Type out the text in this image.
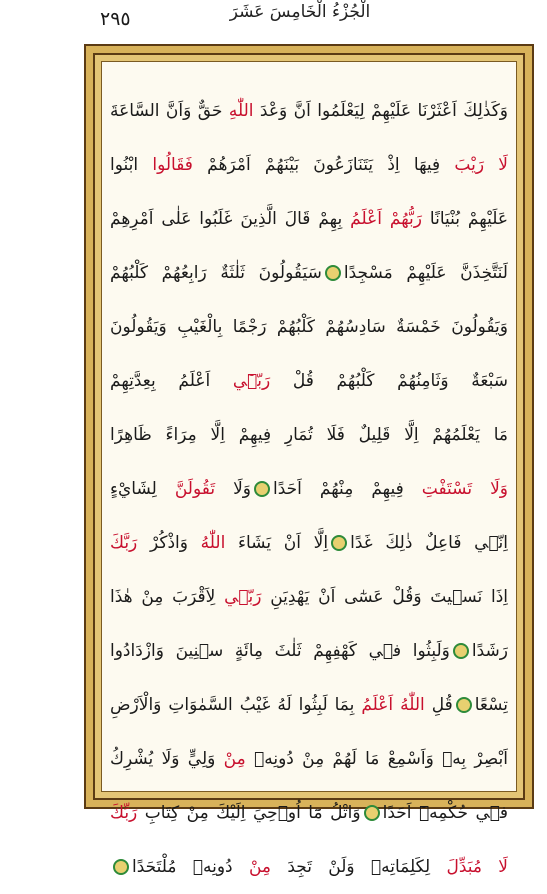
٢٩٥	الْجُزْءُ الْخَامِسَ عَشَرَ
وَكَذٰلِكَ اَعْثَرْنَا عَلَيْهِمْ لِيَعْلَمُوا اَنَّ وَعْدَ اللّٰهِ حَقٌّ وَاَنَّ السَّاعَةَ
لَا رَيْبَ فِيهَا اِذْ يَتَنَازَعُونَ بَيْنَهُمْ اَمْرَهُمْ فَقَالُوا ابْنُوا
عَلَيْهِمْ بُنْيَانًا رَبُّهُمْ اَعْلَمُ بِهِمْ قَالَ الَّذِينَ غَلَبُوا عَلٰى اَمْرِهِمْ
لَنَتَّخِذَنَّ عَلَيْهِمْ مَسْجِدًاسَيَقُولُونَ ثَلٰثَةٌ رَابِعُهُمْ كَلْبُهُمْ
وَيَقُولُونَ خَمْسَةٌ سَادِسُهُمْ كَلْبُهُمْ رَجْمًا بِالْغَيْبِ وَيَقُولُونَ
سَبْعَةٌ وَثَامِنُهُمْ كَلْبُهُمْ قُلْ رَبّٖٓي اَعْلَمُ بِعِدَّتِهِمْ
مَا يَعْلَمُهُمْ اِلَّا قَلِيلٌ فَلَا تُمَارِ فِيهِمْ اِلَّا مِرَاءً ظَاهِرًا
وَلَا تَسْتَفْتِ فِيهِمْ مِنْهُمْ اَحَدًاوَلَا تَقُولَنَّ لِشَايْءٍ
اِنّ۪ي فَاعِلٌ ذٰلِكَ غَدًااِلَّا اَنْ يَشَاءَ اللّٰهُ وَاذْكُرْ رَبَّكَ
اِذَا نَس۪يتَ وَقُلْ عَسٰٓى اَنْ يَهْدِيَنِ رَبّ۪ي لِاَقْرَبَ مِنْ هٰذَا
رَشَدًاوَلَبِثُوا ف۪ي كَهْفِهِمْ ثَلٰثَ مِائَةٍ س۪نِينَ وَازْدَادُوا
تِسْعًاقُلِ اللّٰهُ اَعْلَمُ بِمَا لَبِثُوا لَهُ غَيْبُ السَّمٰوَاتِ وَالْاَرْضِ
اَبْصِرْ بِه۪ وَاَسْمِعْ مَا لَهُمْ مِنْ دُونِه۪ مِنْ وَلِيٍّ وَلَا يُشْرِكُ
ف۪ي حُكْمِه۪ٓ اَحَدًاوَاتْلُ مَٓا اُو۫حِيَ اِلَيْكَ مِنْ كِتَابِ رَبِّكَ
لَا مُبَدِّلَ لِكَلِمَاتِه۪ وَلَنْ تَجِدَ مِنْ دُونِه۪ مُلْتَحَدًا
